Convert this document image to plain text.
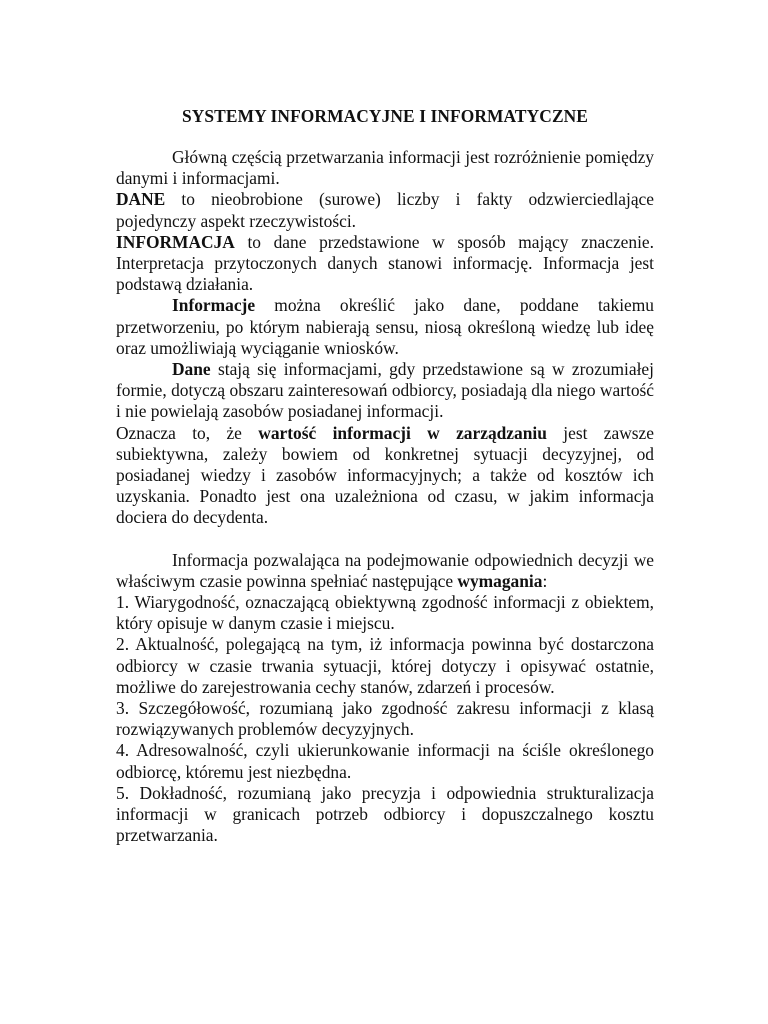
SYSTEMY INFORMACYJNE I INFORMATYCZNE

Główną częścią przetwarzania informacji jest rozróżnienie pomiędzy danymi i informacjami.

DANE to nieobrobione (surowe) liczby i fakty odzwierciedlające pojedynczy aspekt rzeczywistości.

INFORMACJA to dane przedstawione w sposób mający znaczenie. Interpretacja przytoczonych danych stanowi informację. Informacja jest podstawą działania.

Informacje można określić jako dane, poddane takiemu przetworzeniu, po którym nabierają sensu, niosą określoną wiedzę lub ideę oraz umożliwiają wyciąganie wniosków.

Dane stają się informacjami, gdy przedstawione są w zrozumiałej formie, dotyczą obszaru zainteresowań odbiorcy, posiadają dla niego wartość i nie powielają zasobów posiadanej informacji.

Oznacza to, że wartość informacji w zarządzaniu jest zawsze subiektywna, zależy bowiem od konkretnej sytuacji decyzyjnej, od posiadanej wiedzy i zasobów informacyjnych; a także od kosztów ich uzyskania. Ponadto jest ona uzależniona od czasu, w jakim informacja dociera do decydenta.

Informacja pozwalająca na podejmowanie odpowiednich decyzji we właściwym czasie powinna spełniać następujące wymagania:

1. Wiarygodność, oznaczającą obiektywną zgodność informacji z obiektem, który opisuje w danym czasie i miejscu.

2. Aktualność, polegającą na tym, iż informacja powinna być dostarczona odbiorcy w czasie trwania sytuacji, której dotyczy i opisywać ostatnie, możliwe do zarejestrowania cechy stanów, zdarzeń i procesów.

3. Szczegółowość, rozumianą jako zgodność zakresu informacji z klasą rozwiązywanych problemów decyzyjnych.

4. Adresowalność, czyli ukierunkowanie informacji na ściśle określonego odbiorcę, któremu jest niezbędna.

5. Dokładność, rozumianą jako precyzja i odpowiednia strukturalizacja informacji w granicach potrzeb odbiorcy i dopuszczalnego kosztu przetwarzania.
